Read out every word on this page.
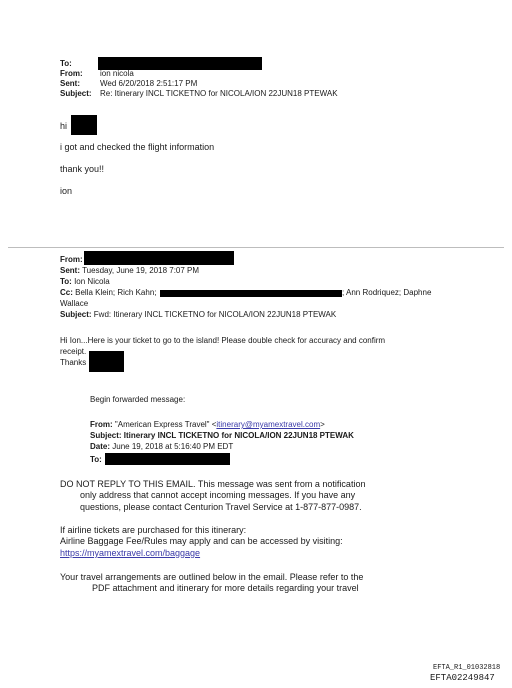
To:
From: ion nicola
Sent:	Wed 6/20/2018 2:51:17 PM
Subject: Re: Itinerary INCL TICKETNO for NICOLA/ION 22JUN18 PTEWAK
hi
i got and checked the flight information
thank you!!
ion
From:
Sent: Tuesday, June 19, 2018 7:07 PM
To: Ion Nicola
Cc: Bella Klein; Rich Kahn;	; Ann Rodriquez; Daphne
Wallace
Subject: Fwd: Itinerary INCL TICKETNO for NICOLA/ION 22JUN18 PTEWAK
Hi Ion...Here is your ticket to go to the island! Please double check for accuracy and confirm
receipt.
Thanks
Begin forwarded message:
From: "American Express Travel" <itinerary@myamextravel.com>
Subject: Itinerary INCL TICKETNO for NICOLA/ION 22JUN18 PTEWAK
Date: June 19, 2018 at 5:16:40 PM EDT
To:
DO NOT REPLY TO THIS EMAIL. This message was sent from a notification
only address that cannot accept incoming messages. If you have any
questions, please contact Centurion Travel Service at 1-877-877-0987.
If airline tickets are purchased for this itinerary:
Airline Baggage Fee/Rules may apply and can be accessed by visiting:
https://myamextravel.com/baggage
Your travel arrangements are outlined below in the email. Please refer to the
PDF attachment and itinerary for more details regarding your travel
EFTA_R1_01032818
EFTA02249847
